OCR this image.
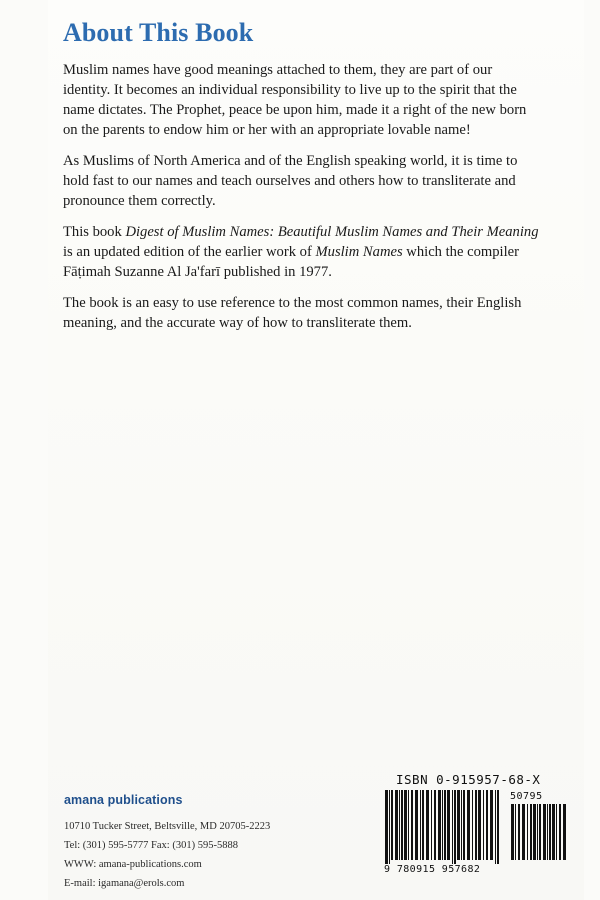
About This Book

Muslim names have good meanings attached to them, they are part of our identity. It becomes an individual responsibility to live up to the spirit that the name dictates. The Prophet, peace be upon him, made it a right of the new born on the parents to endow him or her with an appropriate lovable name!

As Muslims of North America and of the English speaking world, it is time to hold fast to our names and teach ourselves and others how to transliterate and pronounce them correctly.

This book Digest of Muslim Names: Beautiful Muslim Names and Their Meaning is an updated edition of the earlier work of Muslim Names which the compiler Fāṭimah Suzanne Al Ja'farī published in 1977.

The book is an easy to use reference to the most common names, their English meaning, and the accurate way of how to transliterate them.

amana publications
10710 Tucker Street, Beltsville, MD 20705-2223
Tel: (301) 595-5777 Fax: (301) 595-5888
WWW: amana-publications.com
E-mail: igamana@erols.com
ISBN 0-915957-68-X
50795
9 780915 957682
